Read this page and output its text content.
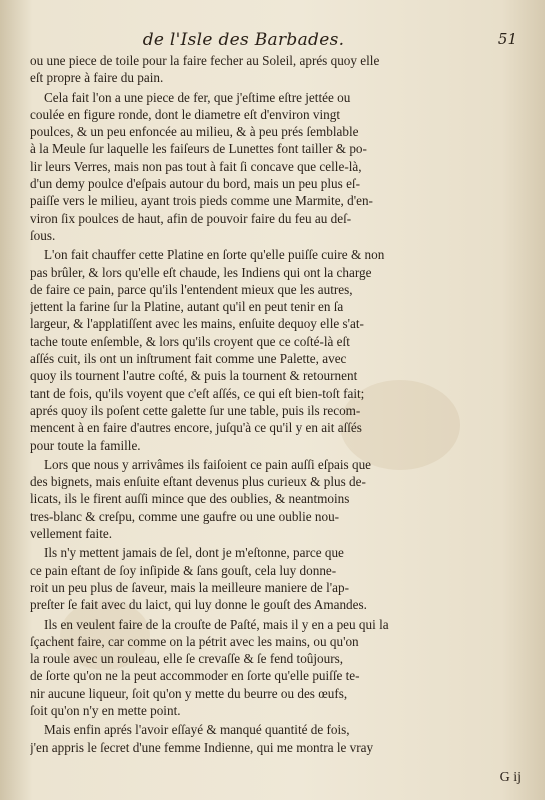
de l'Isle des Barbades.	51
ou une piece de toile pour la faire fecher au Soleil, aprés quoy elle
eſt propre à faire du pain.
Cela fait l'on a une piece de fer, que j'eſtime eſtre jettée ou
coulée en figure ronde, dont le diametre eſt d'environ vingt
poulces, & un peu enfoncée au milieu, & à peu prés ſemblable
à la Meule ſur laquelle les faiſeurs de Lunettes font tailler & po-
lir leurs Verres, mais non pas tout à fait ſi concave que celle-là,
d'un demy poulce d'eſpais autour du bord, mais un peu plus eſ-
paiſſe vers le milieu, ayant trois pieds comme une Marmite, d'en-
viron ſix poulces de haut, afin de pouvoir faire du feu au deſ-
ſous.
L'on fait chauffer cette Platine en ſorte qu'elle puiſſe cuire & non
pas brûler, & lors qu'elle eſt chaude, les Indiens qui ont la charge
de faire ce pain, parce qu'ils l'entendent mieux que les autres,
jettent la farine ſur la Platine, autant qu'il en peut tenir en ſa
largeur, & l'applatiſſent avec les mains, enſuite dequoy elle s'at-
tache toute enſemble, & lors qu'ils croyent que ce coſté-là eſt
aſſés cuit, ils ont un inſtrument fait comme une Palette, avec
quoy ils tournent l'autre coſté, & puis la tournent & retournent
tant de fois, qu'ils voyent que c'eſt aſſés, ce qui eſt bien-toſt fait;
aprés quoy ils poſent cette galette ſur une table, puis ils recom-
mencent à en faire d'autres encore, juſqu'à ce qu'il y en ait aſſés
pour toute la famille.
Lors que nous y arrivâmes ils faiſoient ce pain auſſi eſpais que
des bignets, mais enſuite eſtant devenus plus curieux & plus de-
licats, ils le firent auſſi mince que des oublies, & neantmoins
tres-blanc & creſpu, comme une gaufre ou une oublie nou-
vellement faite.
Ils n'y mettent jamais de ſel, dont je m'eſtonne, parce que
ce pain eſtant de ſoy inſipide & ſans gouſt, cela luy donne-
roit un peu plus de ſaveur, mais la meilleure maniere de l'ap-
preſter ſe fait avec du laict, qui luy donne le gouſt des Amandes.
Ils en veulent faire de la crouſte de Paſté, mais il y en a peu qui la
ſçachent faire, car comme on la pétrit avec les mains, ou qu'on
la roule avec un rouleau, elle ſe crevaſſe & ſe fend toûjours,
de ſorte qu'on ne la peut accommoder en ſorte qu'elle puiſſe te-
nir aucune liqueur, ſoit qu'on y mette du beurre ou des œufs,
ſoit qu'on n'y en mette point.
Mais enfin aprés l'avoir eſſayé & manqué quantité de fois,
j'en appris le ſecret d'une femme Indienne, qui me montra le vray
G ij
